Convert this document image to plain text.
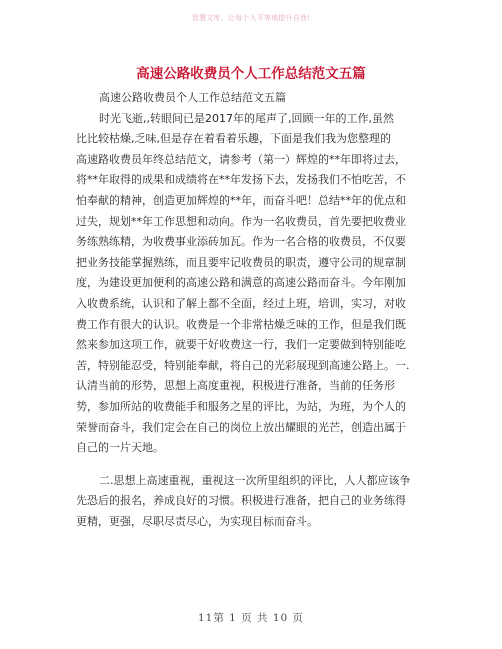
智慧文库，让每个人平等地提升自我!
高速公路收费员个人工作总结范文五篇
高速公路收费员个人工作总结范文五篇
时光飞逝,,转眼间已是2017年的尾声了,回顾一年的工作,虽然
比比较枯燥,乏味,但是存在着看着乐趣，下面是我们我为您整理的
高速路收费员年终总结范文，请参考（第一）辉煌的**年即将过去，
将**年取得的成果和成绩将在**年发扬下去，发扬我们不怕吃苦，不
怕奉献的精神，创造更加辉煌的**年，而奋斗吧！总结**年的优点和
过失，规划**年工作思想和动向。作为一名收费员，首先要把收费业
务练熟练精，为收费事业添砖加瓦。作为一名合格的收费员，不仅要
把业务技能掌握熟练，而且要牢记收费员的职责，遵守公司的规章制
度，为建设更加便利的高速公路和满意的高速公路而奋斗。今年刚加
入收费系统，认识和了解上都不全面，经过上班，培训，实习，对收
费工作有很大的认识。收费是一个非常枯燥乏味的工作，但是我们既
然来参加这项工作，就要干好收费这一行，我们一定要做到特别能吃
苦，特别能忍受，特别能奉献，将自己的光彩展现到高速公路上。一.
认清当前的形势，思想上高度重视，积极进行准备，当前的任务形
势，参加所站的收费能手和服务之星的评比，为站，为班，为个人的
荣誉而奋斗，我们定会在自己的岗位上放出耀眼的光芒，创造出属于
自己的一片天地。
二.思想上高速重视，重视这一次所里组织的评比，人人都应该争
先恐后的报名，养成良好的习惯。积极进行准备，把自己的业务练得
更精，更强，尽职尽责尽心，为实现目标而奋斗。
11第 1 页 共 10 页
